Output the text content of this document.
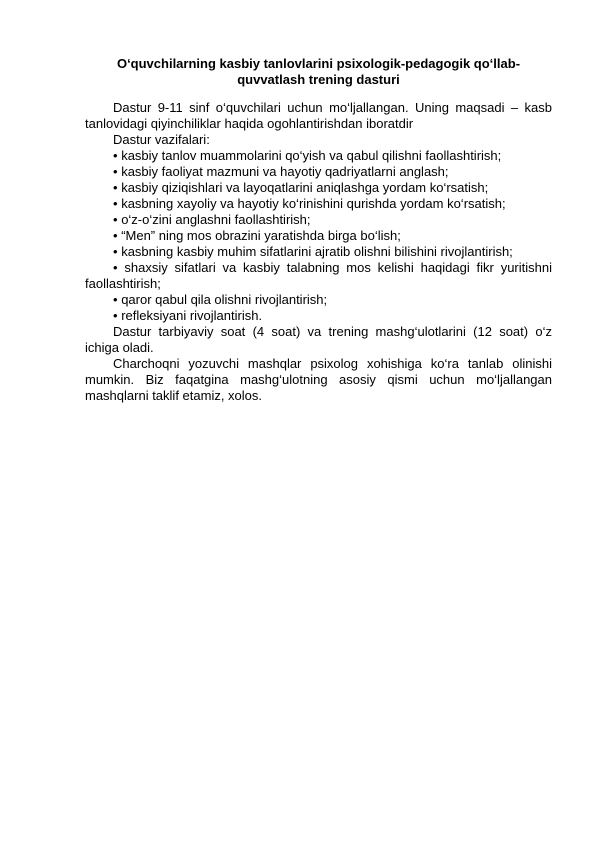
O‘quvchilarning kasbiy tanlovlarini psixologik-pedagogik qo‘llab-quvvatlash trening dasturi

Dastur 9-11 sinf o‘quvchilari uchun mo‘ljallangan. Uning maqsadi – kasb tanlovidagi qiyinchiliklar haqida ogohlantirishdan iboratdir

Dastur vazifalari:

• kasbiy tanlov muammolarini qo‘yish va qabul qilishni faollashtirish;
• kasbiy faoliyat mazmuni va hayotiy qadriyatlarni anglash;
• kasbiy qiziqishlari va layoqatlarini aniqlashga yordam ko‘rsatish;
• kasbning xayoliy va hayotiy ko‘rinishini qurishda yordam ko‘rsatish;
• o‘z-o‘zini anglashni faollashtirish;
• “Men” ning mos obrazini yaratishda birga bo‘lish;
• kasbning kasbiy muhim sifatlarini ajratib olishni bilishini rivojlantirish;
• shaxsiy sifatlari va kasbiy talabning mos kelishi haqidagi fikr yuritishni faollashtirish;
• qaror qabul qila olishni rivojlantirish;
• refleksiyani rivojlantirish.

Dastur tarbiyaviy soat (4 soat) va trening mashg‘ulotlarini (12 soat) o‘z ichiga oladi.

Charchoqni yozuvchi mashqlar psixolog xohishiga ko‘ra tanlab olinishi mumkin. Biz faqatgina mashg‘ulotning asosiy qismi uchun mo‘ljallangan mashqlarni taklif etamiz, xolos.
